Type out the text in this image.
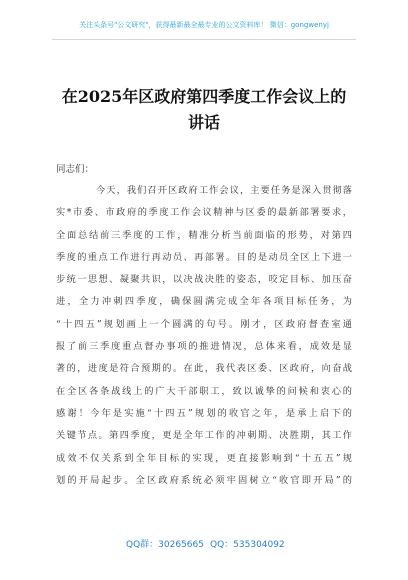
关注头条号"公文研究"，获得最新最全最专业的公文资料库！ 微信：gongwenyj
在2025年区政府第四季度工作会议上的
讲话
同志们：
今天，我们召开区政府工作会议，主要任务是深入贯彻落
实*市委、市政府的季度工作会议精神与区委的最新部署要求，
全面总结前三季度的工作，精准分析当前面临的形势，对第四
季度的重点工作进行再动员、再部署。目的是动员全区上下进一
步统一思想、凝聚共识，以决战决胜的姿态，咬定目标、加压奋
进，全力冲刺四季度，确保圆满完成全年各项目标任务，为
“十四五”规划画上一个圆满的句号。刚才，区政府督查室通
报了前三季度重点督办事项的推进情况，总体来看，成效是显
著的，进度是符合预期的。在此，我代表区委、区政府，向奋战
在全区各条战线上的广大干部职工，致以诚挚的问候和衷心的
感谢！今年是实施“十四五”规划的收官之年，是承上启下的
关键节点。第四季度，更是全年工作的冲刺期、决胜期，其工作
成效不仅关系到全年目标的实现，更直接影响到“十五五”规
划的开局起步。全区政府系统必须牢固树立“收官即开局”的
QQ群：30265665 QQ：535304092
